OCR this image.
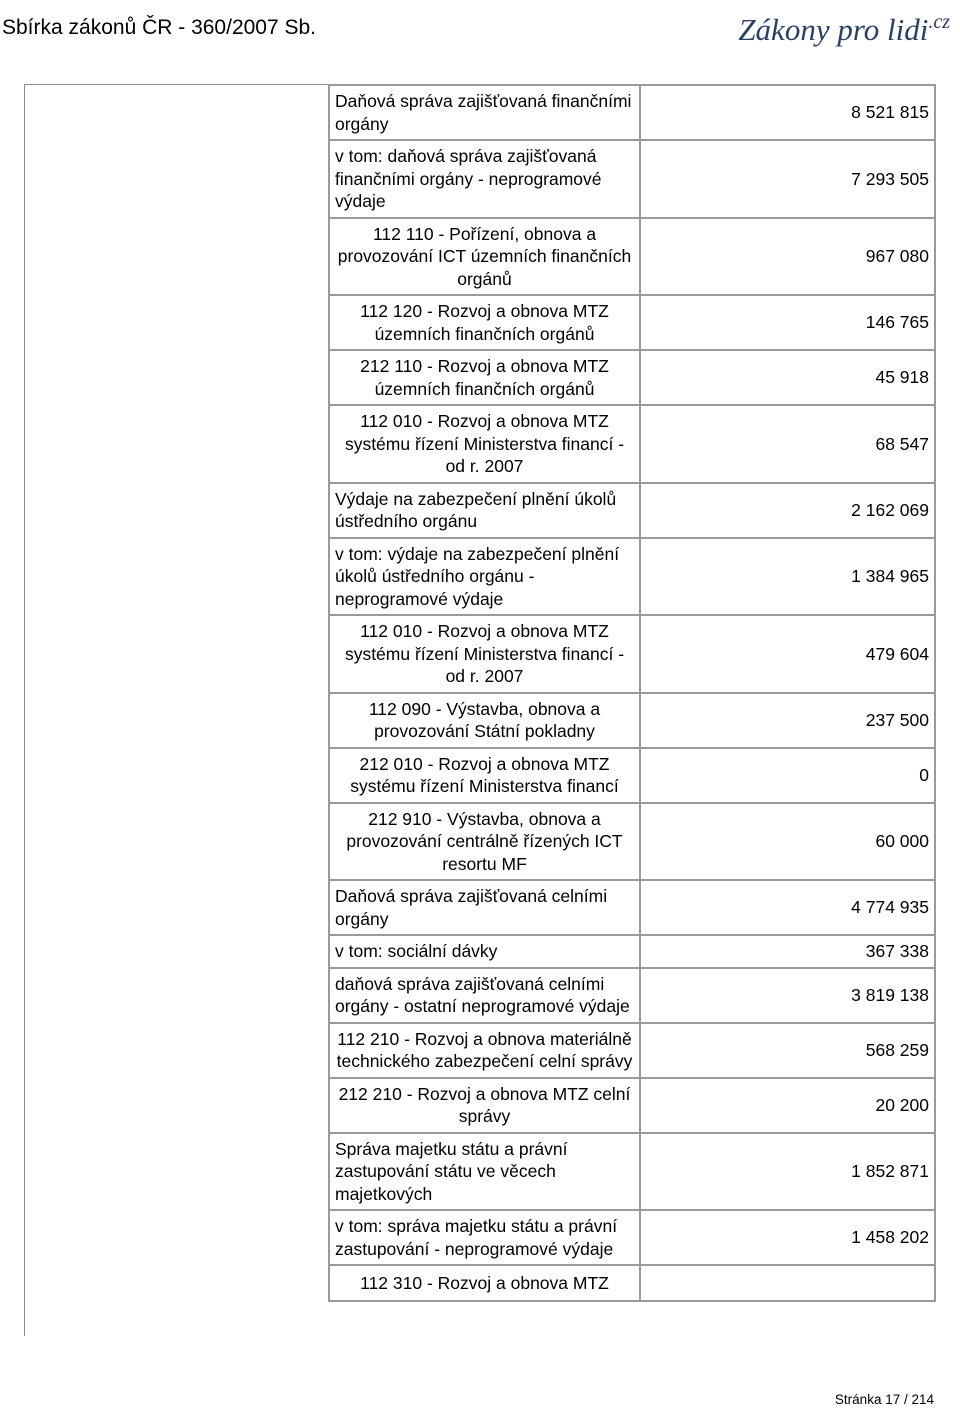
Sbírka zákonů ČR - 360/2007 Sb.	Zákony pro lidi$^{.cz}$
Daňová správa zajišťovaná finančními orgány	8 521 815
v tom: daňová správa zajišťovaná finančními orgány - neprogramové výdaje	7 293 505
112 110 - Pořízení, obnova a provozování ICT územních finančních orgánů	967 080
112 120 - Rozvoj a obnova MTZ územních finančních orgánů	146 765
212 110 - Rozvoj a obnova MTZ územních finančních orgánů	45 918
112 010 - Rozvoj a obnova MTZ systému řízení Ministerstva financí - od r. 2007	68 547
Výdaje na zabezpečení plnění úkolů ústředního orgánu	2 162 069
v tom: výdaje na zabezpečení plnění úkolů ústředního orgánu - neprogramové výdaje	1 384 965
112 010 - Rozvoj a obnova MTZ systému řízení Ministerstva financí - od r. 2007	479 604
112 090 - Výstavba, obnova a provozování Státní pokladny	237 500
212 010 - Rozvoj a obnova MTZ systému řízení Ministerstva financí	0
212 910 - Výstavba, obnova a provozování centrálně řízených ICT resortu MF	60 000
Daňová správa zajišťovaná celními orgány	4 774 935
v tom: sociální dávky	367 338
daňová správa zajišťovaná celními orgány - ostatní neprogramové výdaje	3 819 138
112 210 - Rozvoj a obnova materiálně technického zabezpečení celní správy	568 259
212 210 - Rozvoj a obnova MTZ celní správy	20 200
Správa majetku státu a právní zastupování státu ve věcech majetkových	1 852 871
v tom: správa majetku státu a právní zastupování - neprogramové výdaje	1 458 202
112 310 - Rozvoj a obnova MTZ	
Stránka 17 / 214
